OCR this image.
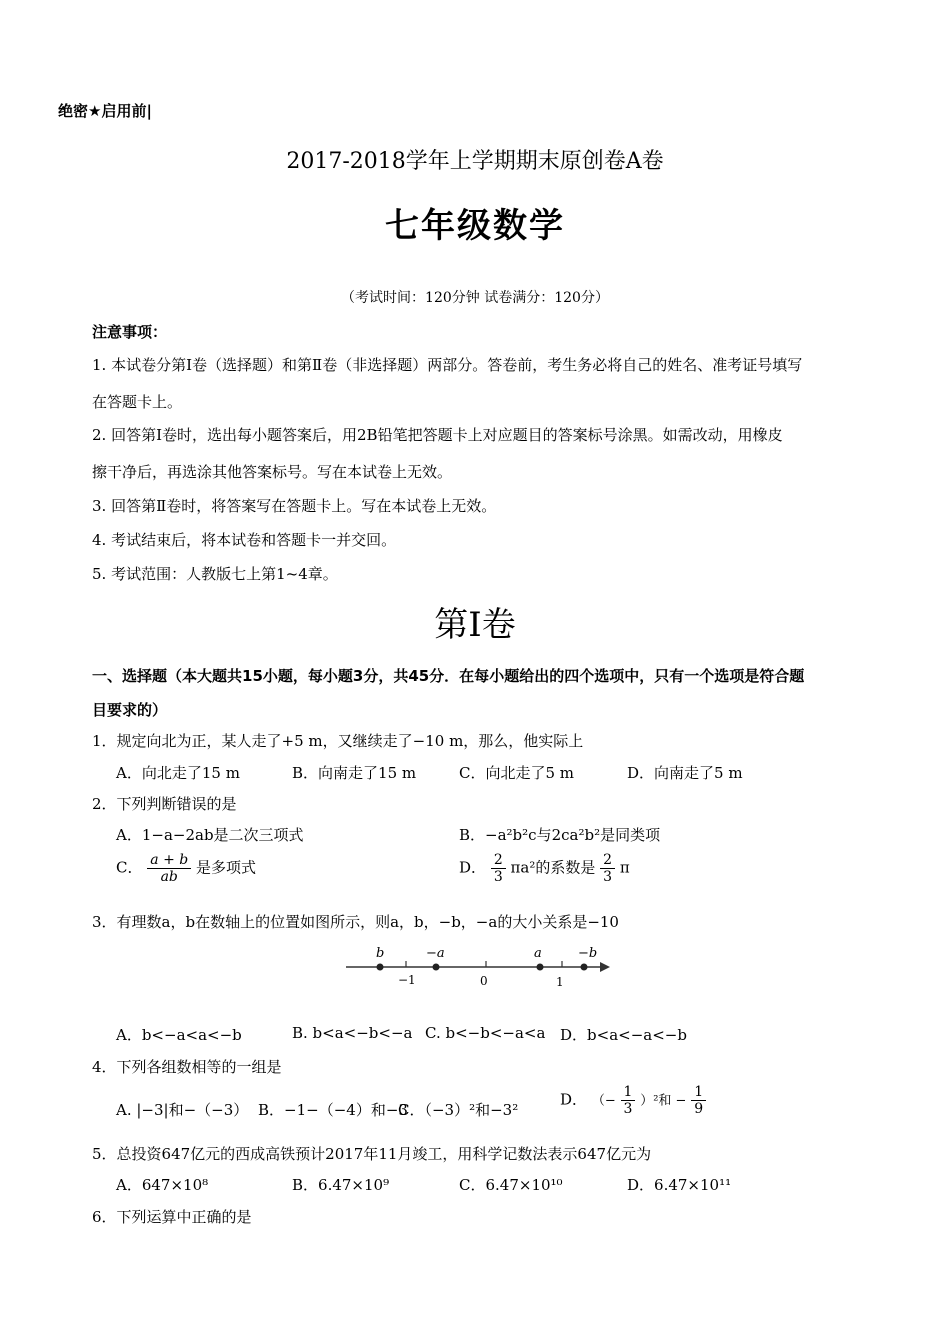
绝密★启用前|
2017-2018学年上学期期末原创卷A卷
七年级数学
（考试时间：120分钟 试卷满分：120分）
注意事项：
1. 本试卷分第Ⅰ卷（选择题）和第Ⅱ卷（非选择题）两部分。答卷前，考生务必将自己的姓名、准考证号填写
在答题卡上。
2. 回答第Ⅰ卷时，选出每小题答案后，用2B铅笔把答题卡上对应题目的答案标号涂黑。如需改动，用橡皮
擦干净后，再选涂其他答案标号。写在本试卷上无效。
3. 回答第Ⅱ卷时，将答案写在答题卡上。写在本试卷上无效。
4. 考试结束后，将本试卷和答题卡一并交回。
5. 考试范围：人教版七上第1~4章。
第Ⅰ卷
一、选择题（本大题共15小题，每小题3分，共45分．在每小题给出的四个选项中，只有一个选项是符合题
目要求的）
1．规定向北为正，某人走了+5 m，又继续走了−10 m，那么，他实际上
A．向北走了15 m	B．向南走了15 m	C．向北走了5 m	D．向南走了5 m
2．下列判断错误的是
A．1−a−2ab是二次三项式	B．−a²b²c与2ca²b²是同类项
C． $\frac{a + b}{ab}$ 是多项式	D． $\frac{2}{3} \pi a^2$的系数是 $\frac{2}{3}$ π
3．有理数a，b在数轴上的位置如图所示，则a，b，−b，−a的大小关系是−10
b	−a	a	−b
−1	0	1
A．b<−a<a<−b	B. b<a<−b<−a C. b<−b<−a<a D．b<a<−a<−b
4．下列各组数相等的一组是
A. |−3|和−（−3） B．−1−（−4）和−3
C．（−3）²和−3²
D． （− $\frac{1}{3} )^2$和 − $\frac{1}{9}$
5．总投资647亿元的西成高铁预计2017年11月竣工，用科学记数法表示647亿元为
A．647×10⁸	B．6.47×10⁹	C．6.47×10¹⁰	D．6.47×10¹¹
6．下列运算中正确的是
